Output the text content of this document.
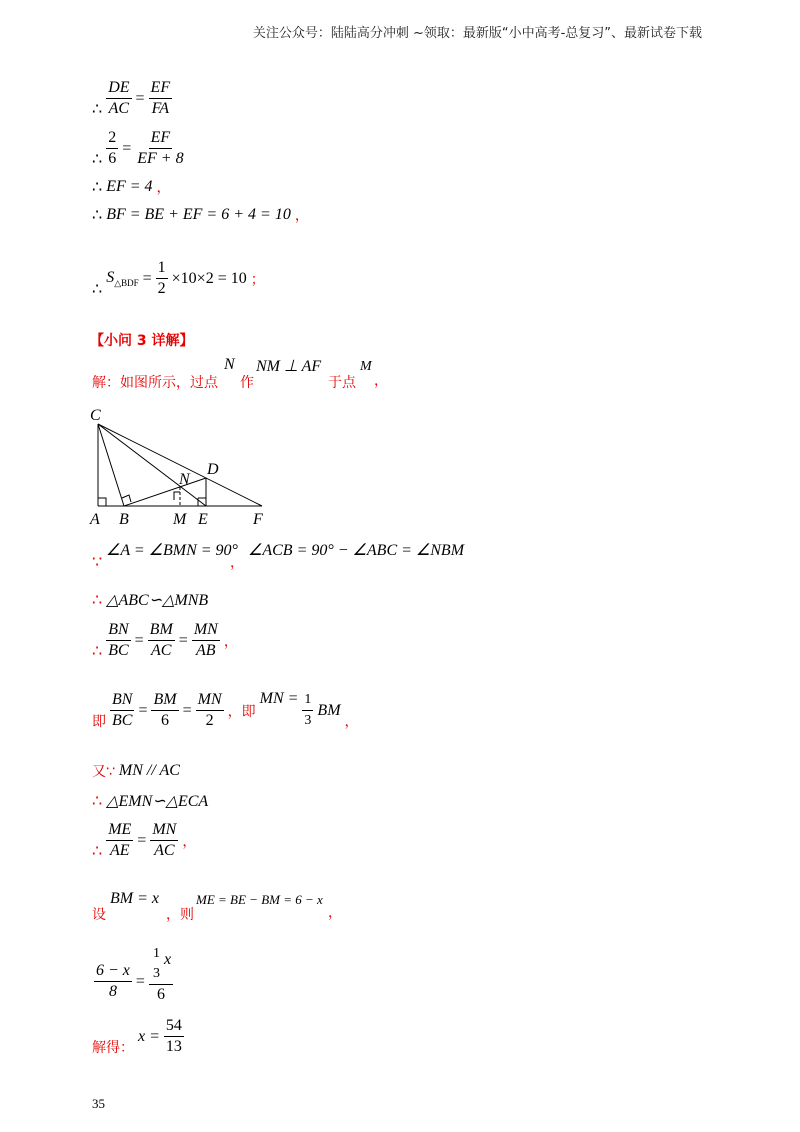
关注公众号：陆陆高分冲刺 ~领取：最新版“小中高考-总复习”、最新试卷下载
∴ $\frac{DE}{AC} = \frac{EF}{FA}$
∴ $\frac{2}{6} = \frac{EF}{EF + 8}$
∴ EF = 4 ，
∴ BF = BE + EF = 6 + 4 = 10 ，
∴
$S_{\triangle BDF} = \frac{1}{2} \times 10\times 2 = 10$ ；
【小问 3 详解】
解：如图所示，过点
N
作
NM ⊥ AF
于点
M
，
C
A B	M E	F
N
D
∵
∠A = ∠BMN = 90°
，
∠ACB = 90° − ∠ABC = ∠NBM
∴ △ABC∽△MNB
∴ $\frac{BN}{BC} = \frac{BM}{AC} = \frac{MN}{AB}$ ，
即 $\frac{BN}{BC} = \frac{BM}{6} = \frac{MN}{2}$ ，即
MN = $\frac{1}{3}$ BM
，
又∵ MN // AC
∴ △EMN∽△ECA
∴ $\frac{ME}{AE} = \frac{MN}{AC}$ ，
设
BM = x
，则
ME = BE − BM = 6 − x
，
$\frac{6 - x}{8} = 1$
3
x
6
解得：
$x = \frac{54}{13}$
35
